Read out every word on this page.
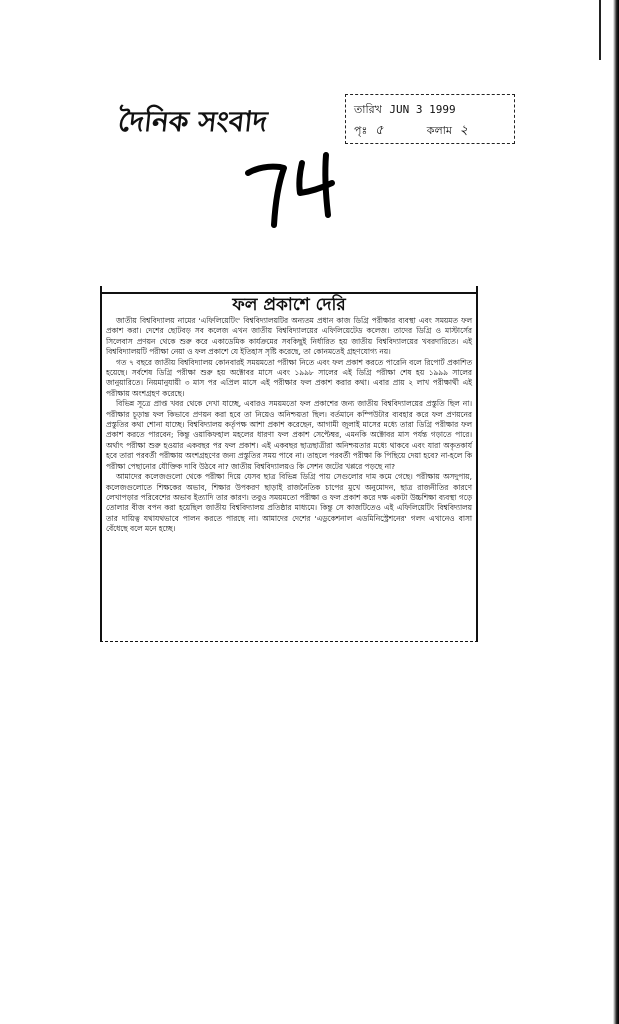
দৈনিক সংবাদ	তারিখ JUN 3 1999
পৃঃ ৫	কলাম ২
ফল প্রকাশে দেরি

জাতীয় বিশ্ববিদ্যালয় নামের 'এফিলিয়েটিং' বিশ্ববিদ্যালয়টির অন্যতম প্রধান কাজ ডিগ্রি পরীক্ষার ব্যবস্থা এবং সময়মত ফল প্রকাশ করা। দেশের ছোটবড় সব কলেজ এখন জাতীয় বিশ্ববিদ্যালয়ের এফিলিয়েটেড কলেজ। তাদের ডিগ্রি ও মাস্টার্সের সিলেবাস প্রণয়ন থেকে শুরু করে একাডেমিক কার্যক্রমের সবকিছুই নির্ধারিত হয় জাতীয় বিশ্ববিদ্যালয়ের খবরদারিতে। এই বিশ্ববিদ্যালয়টি পরীক্ষা নেয়া ও ফল প্রকাশে যে ইতিহাস সৃষ্টি করেছে, তা কোনমতেই গ্রহণযোগ্য নয়।

গত ৭ বছরে জাতীয় বিশ্ববিদ্যালয় কোনবারই সময়মতো পরীক্ষা নিতে এবং ফল প্রকাশ করতে পারেনি বলে রিপোর্ট প্রকাশিত হয়েছে। সর্বশেষ ডিগ্রি পরীক্ষা শুরু হয় অক্টোবর মাসে এবং ১৯৯৮ সালের এই ডিগ্রি পরীক্ষা শেষ হয় ১৯৯৯ সালের জানুয়ারিতে। নিয়মানুযায়ী ৩ মাস পর এপ্রিল মাসে এই পরীক্ষার ফল প্রকাশ করার কথা। এবার প্রায় ২ লাখ পরীক্ষার্থী এই পরীক্ষায় অংশগ্রহণ করেছে।

বিভিন্ন সূত্রে প্রাপ্ত খবর থেকে দেখা যাচ্ছে, এবারও সময়মতো ফল প্রকাশের জন্য জাতীয় বিশ্ববিদ্যালয়ের প্রস্তুতি ছিল না। পরীক্ষার চূড়ান্ত ফল কিভাবে প্রণয়ন করা হবে তা নিয়েও অনিশ্চয়তা ছিল। বর্তমানে কম্পিউটার ব্যবহার করে ফল প্রণয়নের প্রস্তুতির কথা শোনা যাচ্ছে। বিশ্ববিদ্যালয় কর্তৃপক্ষ আশা প্রকাশ করেছেন, আগামী জুলাই মাসের মধ্যে তারা ডিগ্রি পরীক্ষার ফল প্রকাশ করতে পারবেন; কিন্তু ওয়াকিফহাল মহলের ধারণা ফল প্রকাশ সেপ্টেম্বর, এমনকি অক্টোবর মাস পর্যন্ত গড়াতে পারে। অর্থাৎ পরীক্ষা শুরু হওয়ার একবছর পর ফল প্রকাশ। এই একবছর ছাত্রছাত্রীরা অনিশ্চয়তার মধ্যে থাকবে এবং যারা অকৃতকার্য হবে তারা পরবর্তী পরীক্ষায় অংশগ্রহণের জন্য প্রস্তুতির সময় পাবে না। তাহলে পরবর্তী পরীক্ষা কি পিছিয়ে দেয়া হবে? না-হলে কি পরীক্ষা পেছানোর যৌক্তিক দাবি উঠবে না? জাতীয় বিশ্ববিদ্যালয়ও কি সেশন জটের খপ্পরে পড়ছে না?

আমাদের কলেজগুলো থেকে পরীক্ষা দিয়ে যেসব ছাত্র বিভিন্ন ডিগ্রি পায় সেগুলোর দাম কমে গেছে। পরীক্ষায় অসদুপায়, কলেজগুলোতে শিক্ষকের অভাব, শিক্ষার উপকরণ ছাড়াই রাজনৈতিক চাপের মুখে অনুমোদন, ছাত্র রাজনীতির কারণে লেখাপড়ার পরিবেশের অভাব ইত্যাদি তার কারণ। তবুও সময়মতো পরীক্ষা ও ফল প্রকাশ করে দক্ষ একটা উচ্চশিক্ষা ব্যবস্থা গড়ে তোলার বীজ বপন করা হয়েছিল জাতীয় বিশ্ববিদ্যালয় প্রতিষ্ঠার মাধ্যমে। কিন্তু সে কাজটিতেও এই এফিলিয়েটিং বিশ্ববিদ্যালয় তার দায়িত্ব যথাযথভাবে পালন করতে পারছে না। আমাদের দেশের 'এডুকেশনাল এডমিনিস্ট্রেশনের' গলদ এখানেও বাসা বেঁধেছে বলে মনে হচ্ছে।
